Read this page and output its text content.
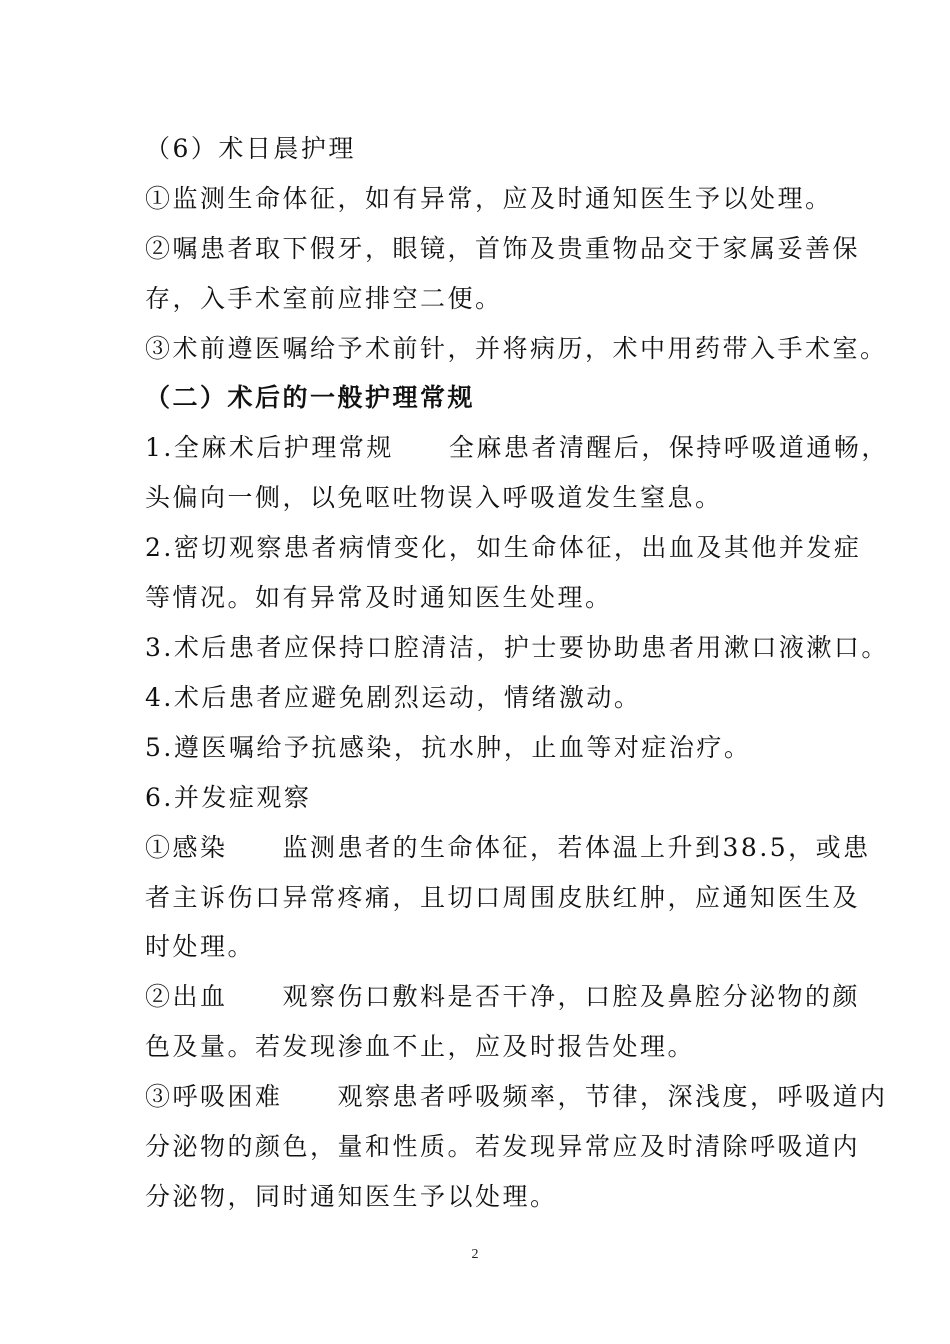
（6）术日晨护理
①监测生命体征，如有异常，应及时通知医生予以处理。
②嘱患者取下假牙，眼镜，首饰及贵重物品交于家属妥善保
存，入手术室前应排空二便。
③术前遵医嘱给予术前针，并将病历，术中用药带入手术室。
（二）术后的一般护理常规
1.全麻术后护理常规　　全麻患者清醒后，保持呼吸道通畅，
头偏向一侧，以免呕吐物误入呼吸道发生窒息。
2.密切观察患者病情变化，如生命体征，出血及其他并发症
等情况。如有异常及时通知医生处理。
3.术后患者应保持口腔清洁，护士要协助患者用漱口液漱口。
4.术后患者应避免剧烈运动，情绪激动。
5.遵医嘱给予抗感染，抗水肿，止血等对症治疗。
6.并发症观察
①感染　　监测患者的生命体征，若体温上升到38.5，或患
者主诉伤口异常疼痛，且切口周围皮肤红肿，应通知医生及
时处理。
②出血　　观察伤口敷料是否干净，口腔及鼻腔分泌物的颜
色及量。若发现渗血不止，应及时报告处理。
③呼吸困难　　观察患者呼吸频率，节律，深浅度，呼吸道内
分泌物的颜色，量和性质。若发现异常应及时清除呼吸道内
分泌物，同时通知医生予以处理。
2
